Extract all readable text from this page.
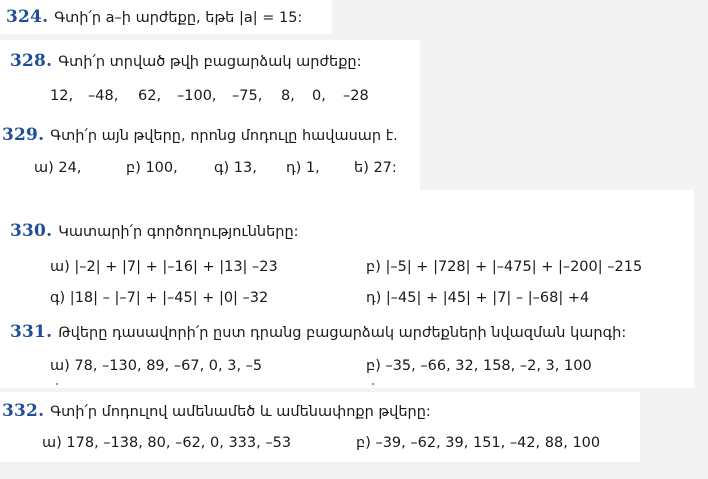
324. Գտի՛ր a–ի արժեքը, եթե |a| = 15:
328. Գտի՛ր տրված թվի բացարձակ արժեքը:
12, –48, 62, –100, –75, 8, 0, –28
329. Գտի՛ր այն թվերը, որոնց մոդուլը հավասար է.
ա) 24,	բ) 100,	գ) 13, դ) 1, ե) 27:
330. Կատարի՛ր գործողությունները:
ա) |–2| + |7| + |–16| + |13| –23	բ) |–5| + |728| + |–475| + |–200| –215
գ) |18| – |–7| + |–45| + |0| –32	դ) |–45| + |45| + |7| – |–68| +4
331. Թվերը դասավորի՛ր ըստ դրանց բացարձակ արժեքների նվազման կարգի:
ա) 78, –130, 89, –67, 0, 3, –5	բ) –35, –66, 32, 158, –2, 3, 100
332. Գտի՛ր մոդուլով ամենամեծ և ամենափոքր թվերը:
ա) 178, –138, 80, –62, 0, 333, –53	բ) –39, –62, 39, 151, –42, 88, 100
